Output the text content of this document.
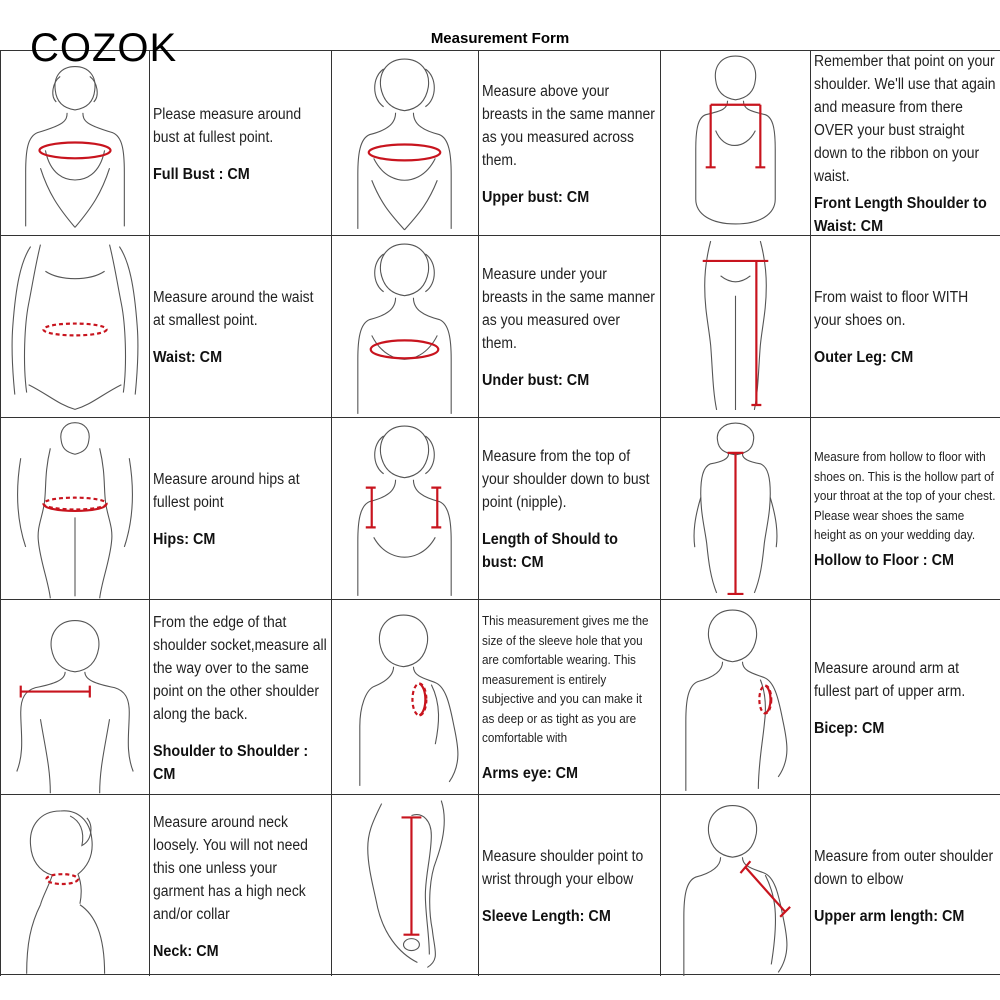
COZOK	Measurement Form
Please measure around bust at fullest point.
Full Bust : CM
Measure above your breasts in the same manner as you measured across them.
Upper bust: CM
Remember that point on your shoulder. We'll use that again and measure from there OVER your bust straight down to the ribbon on your waist.
Front Length Shoulder to Waist: CM
Measure around the waist at smallest point.
Waist: CM
Measure under your breasts in the same manner as you measured over them.
Under bust: CM
From waist to floor WITH your shoes on.
Outer Leg: CM
Measure around hips at fullest point
Hips: CM
Measure from the top of your shoulder down to bust point (nipple).
Length of Should to bust: CM
Measure from hollow to floor with shoes on. This is the hollow part of your throat at the top of your chest. Please wear shoes the same height as on your wedding day.
Hollow to Floor : CM
From the edge of that shoulder socket,measure all the way over to the same point on the other shoulder along the back.
Shoulder to Shoulder : CM
This measurement gives me the size of the sleeve hole that you are comfortable wearing. This measurement is entirely subjective and you can make it as deep or as tight as you are comfortable with
Arms eye: CM
Measure around arm at fullest part of upper arm.
Bicep: CM
Measure around neck loosely. You will not need this one unless your garment has a high neck and/or collar
Neck: CM
Measure shoulder point to wrist through your elbow
Sleeve Length: CM
Measure from outer shoulder down to elbow
Upper arm length: CM
